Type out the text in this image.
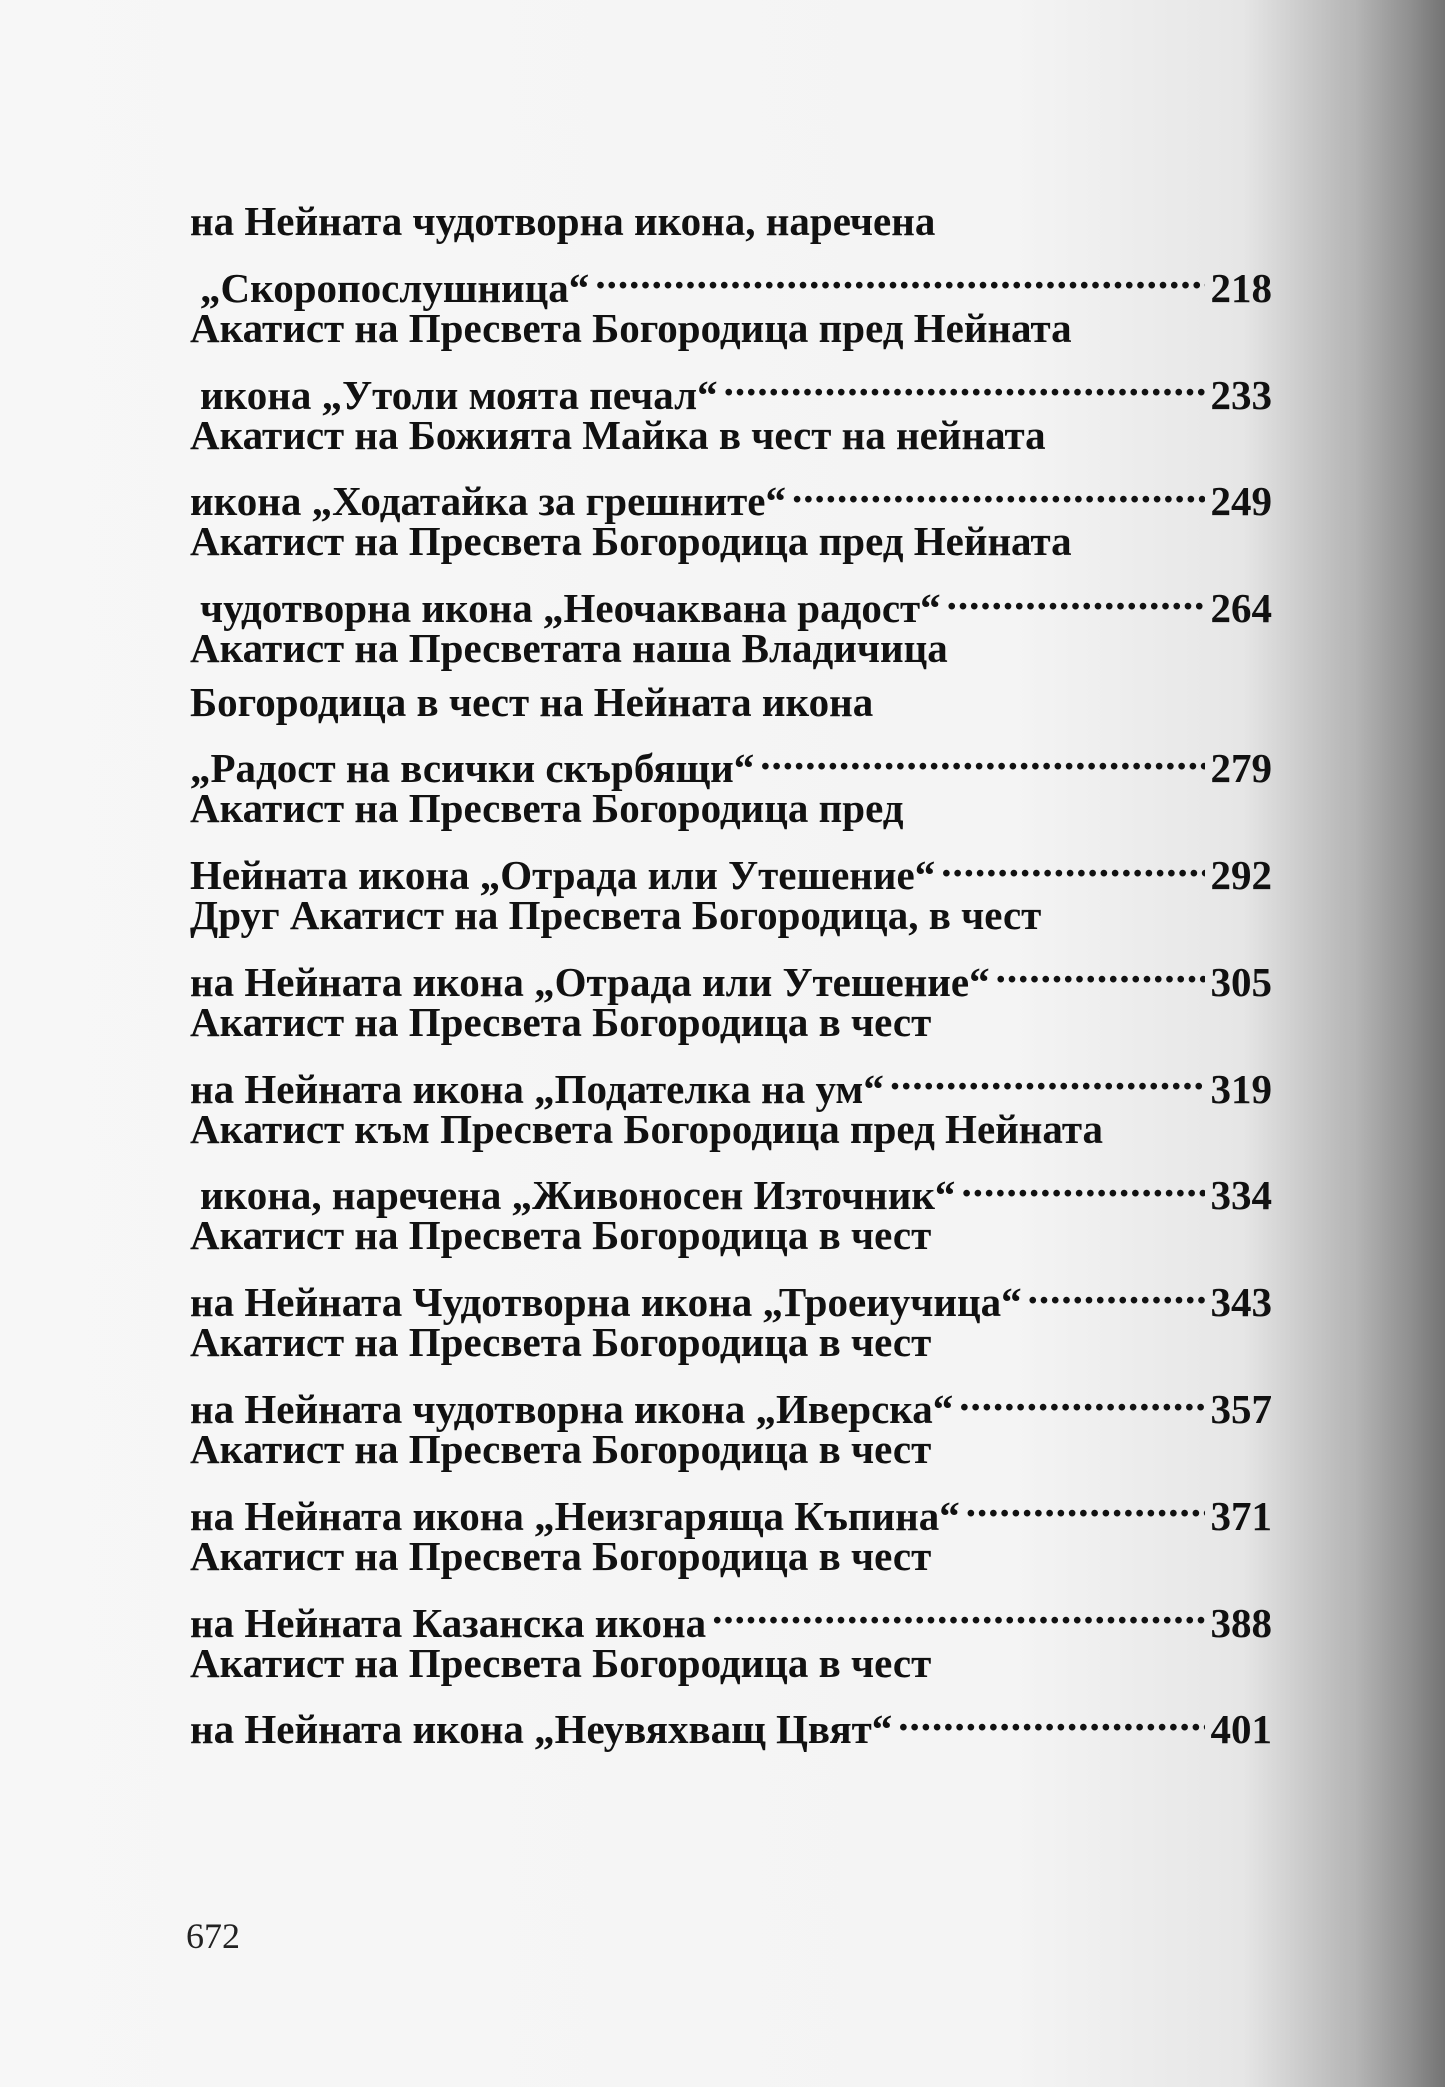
на Нейната чудотворна икона, наречена
„Скоропослушница“ .....	218
Акатист на Пресвета Богородица пред Нейната
икона „Утоли моята печал“ .....	233
Акатист на Божията Майка в чест на нейната
икона „Ходатайка за грешните“ .....	249
Акатист на Пресвета Богородица пред Нейната
чудотворна икона „Неочаквана радост“ .....	264
Акатист на Пресветата наша Владичица
Богородица в чест на Нейната икона
„Радост на всички скърбящи“ .....	279
Акатист на Пресвета Богородица пред
Нейната икона „Отрада или Утешение“ .....	292
Друг Акатист на Пресвета Богородица, в чест
на Нейната икона „Отрада или Утешение“ .....	305
Акатист на Пресвета Богородица в чест
на Нейната икона „Подателка на ум“ .....	319
Акатист към Пресвета Богородица пред Нейната
икона, наречена „Живоносен Източник“ .....	334
Акатист на Пресвета Богородица в чест
на Нейната Чудотворна икона „Троеиучица“ .....	343
Акатист на Пресвета Богородица в чест
на Нейната чудотворна икона „Иверска“ .....	357
Акатист на Пресвета Богородица в чест
на Нейната икона „Неизгаряща Къпина“ .....	371
Акатист на Пресвета Богородица в чест
на Нейната Казанска икона .....	388
Акатист на Пресвета Богородица в чест
на Нейната икона „Неувяхващ Цвят“ .....	401
672
